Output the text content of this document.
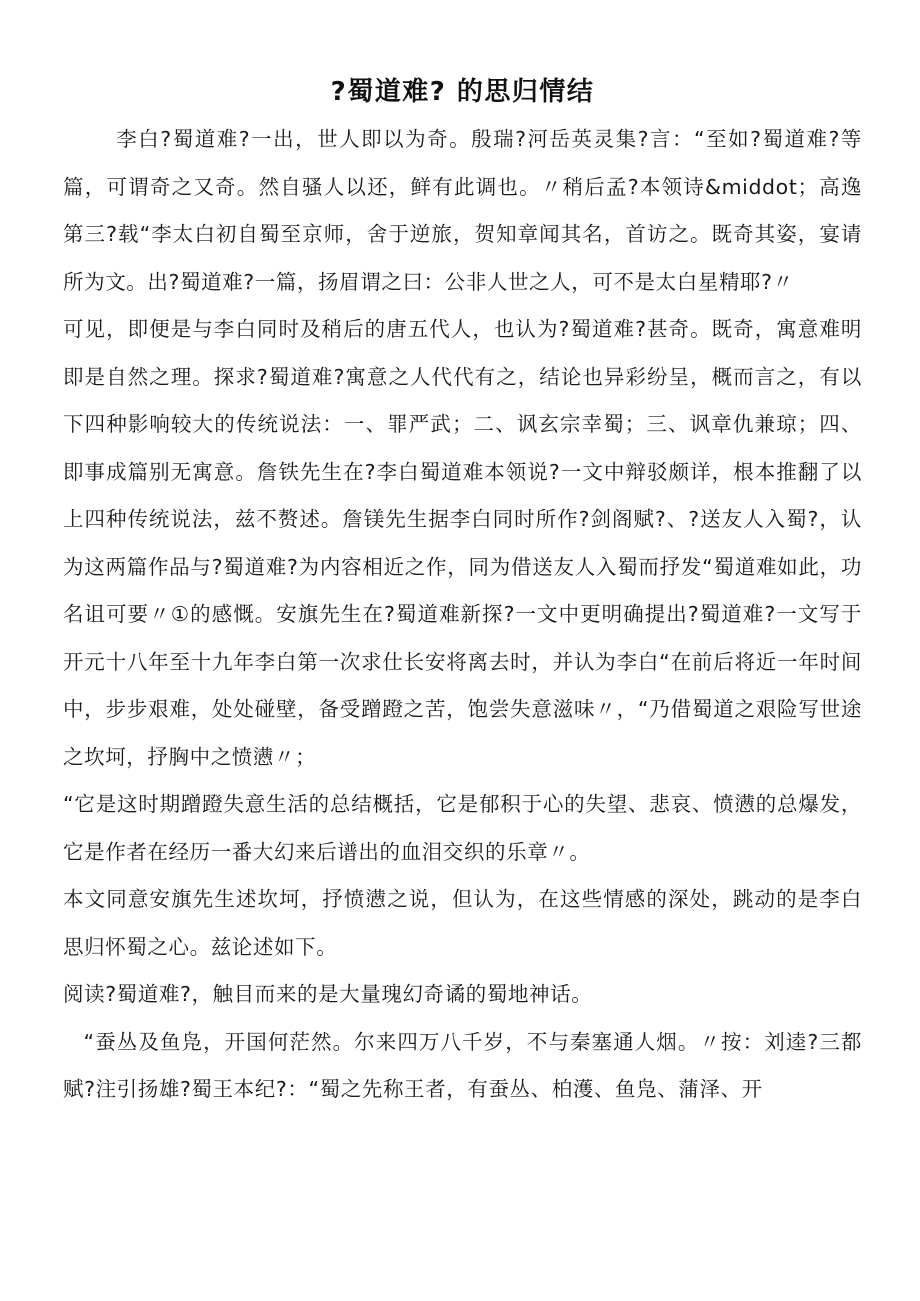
?蜀道难? 的思归情结

李白?蜀道难?一出，世人即以为奇。殷瑞?河岳英灵集?言：“至如?蜀道难?等篇，可谓奇之又奇。然自骚人以还，鲜有此调也。〃稍后孟?本领诗&middot；高逸第三?载“李太白初自蜀至京师，舍于逆旅，贺知章闻其名，首访之。既奇其姿，宴请所为文。出?蜀道难?一篇，扬眉谓之曰：公非人世之人，可不是太白星精耶?〃

可见，即便是与李白同时及稍后的唐五代人，也认为?蜀道难?甚奇。既奇，寓意难明即是自然之理。探求?蜀道难?寓意之人代代有之，结论也异彩纷呈，概而言之，有以下四种影响较大的传统说法：一、罪严武；二、讽玄宗幸蜀；三、讽章仇兼琼；四、即事成篇别无寓意。詹铁先生在?李白蜀道难本领说?一文中辩驳颇详，根本推翻了以上四种传统说法，兹不赘述。詹镁先生据李白同时所作?剑阁赋?、?送友人入蜀?，认为这两篇作品与?蜀道难?为内容相近之作，同为借送友人入蜀而抒发“蜀道难如此，功名诅可要〃①的感慨。安旗先生在?蜀道难新探?一文中更明确提出?蜀道难?一文写于开元十八年至十九年李白第一次求仕长安将离去时，并认为李白“在前后将近一年时间中，步步艰难，处处碰壁，备受蹭蹬之苦，饱尝失意滋味〃，“乃借蜀道之艰险写世途之坎坷，抒胸中之愤懑〃；

“它是这时期蹭蹬失意生活的总结概括，它是郁积于心的失望、悲哀、愤懑的总爆发，它是作者在经历一番大幻来后谱出的血泪交织的乐章〃。

本文同意安旗先生述坎坷，抒愤懑之说，但认为，在这些情感的深处，跳动的是李白思归怀蜀之心。兹论述如下。

阅读?蜀道难?，触目而来的是大量瑰幻奇谲的蜀地神话。

“蚕丛及鱼凫，开国何茫然。尔来四万八千岁，不与秦塞通人烟。〃按：刘逵?三都赋?注引扬雄?蜀王本纪?：“蜀之先称王者，有蚕丛、柏濩、鱼凫、蒲泽、开
